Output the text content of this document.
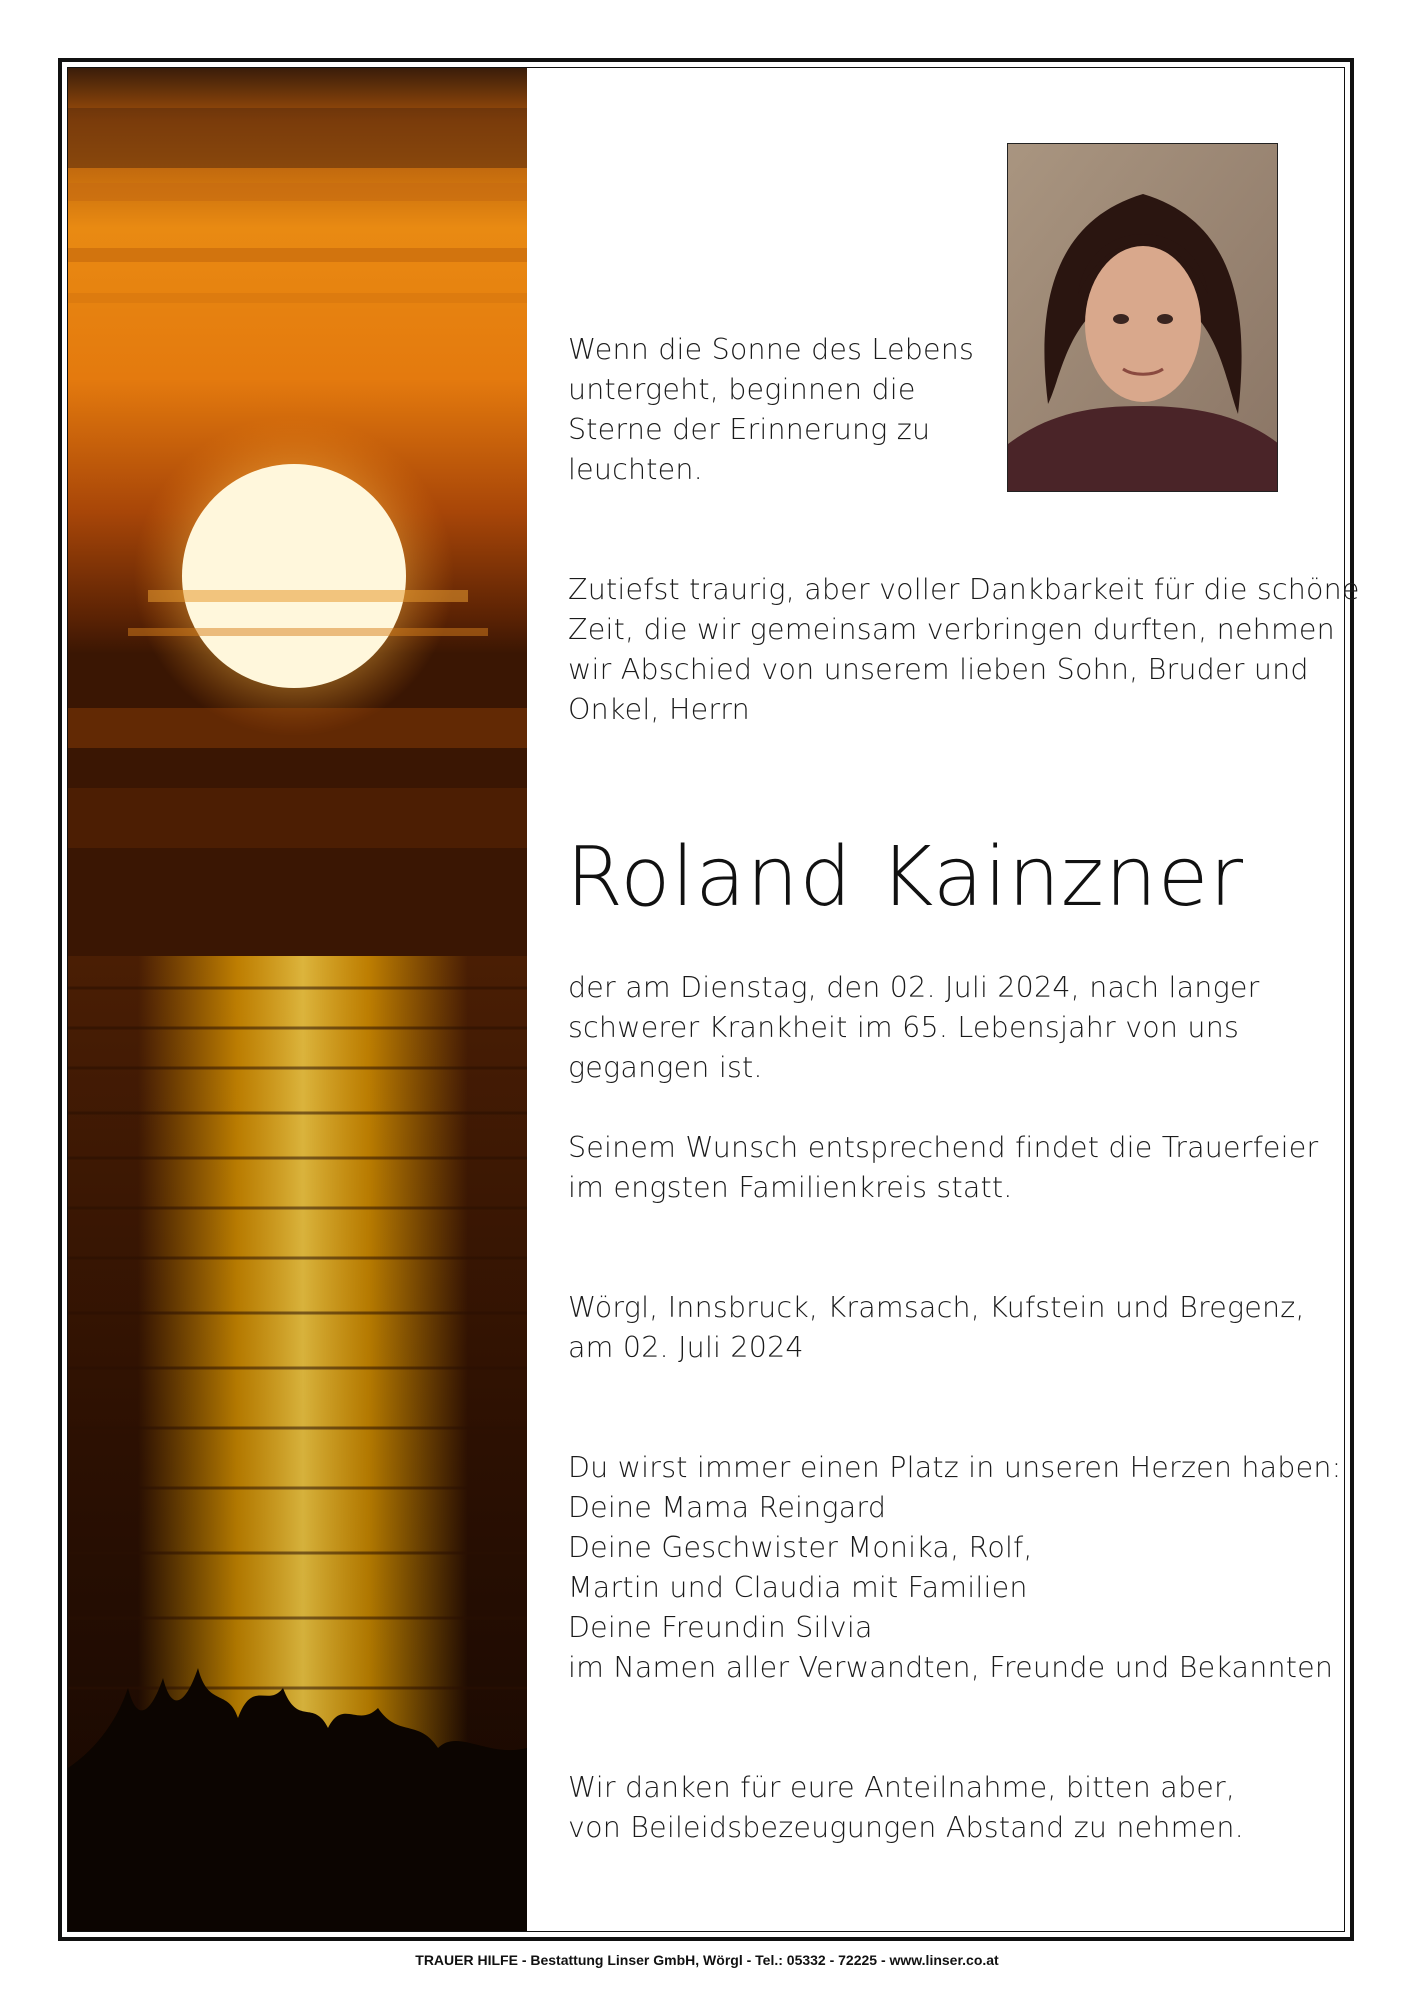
Wenn die Sonne des Lebens
untergeht, beginnen die
Sterne der Erinnerung zu
leuchten.
Zutiefst traurig, aber voller Dankbarkeit für die schöne
Zeit, die wir gemeinsam verbringen durften, nehmen
wir Abschied von unserem lieben Sohn, Bruder und
Onkel, Herrn
Roland Kainzner
der am Dienstag, den 02. Juli 2024, nach langer
schwerer Krankheit im 65. Lebensjahr von uns
gegangen ist.
Seinem Wunsch entsprechend findet die Trauerfeier
im engsten Familienkreis statt.
Wörgl, Innsbruck, Kramsach, Kufstein und Bregenz,
am 02. Juli 2024
Du wirst immer einen Platz in unseren Herzen haben:
Deine Mama Reingard
Deine Geschwister Monika, Rolf,
Martin und Claudia mit Familien
Deine Freundin Silvia
im Namen aller Verwandten, Freunde und Bekannten
Wir danken für eure Anteilnahme, bitten aber,
von Beileidsbezeugungen Abstand zu nehmen.
TRAUER HILFE - Bestattung Linser GmbH, Wörgl - Tel.: 05332 - 72225 - www.linser.co.at
